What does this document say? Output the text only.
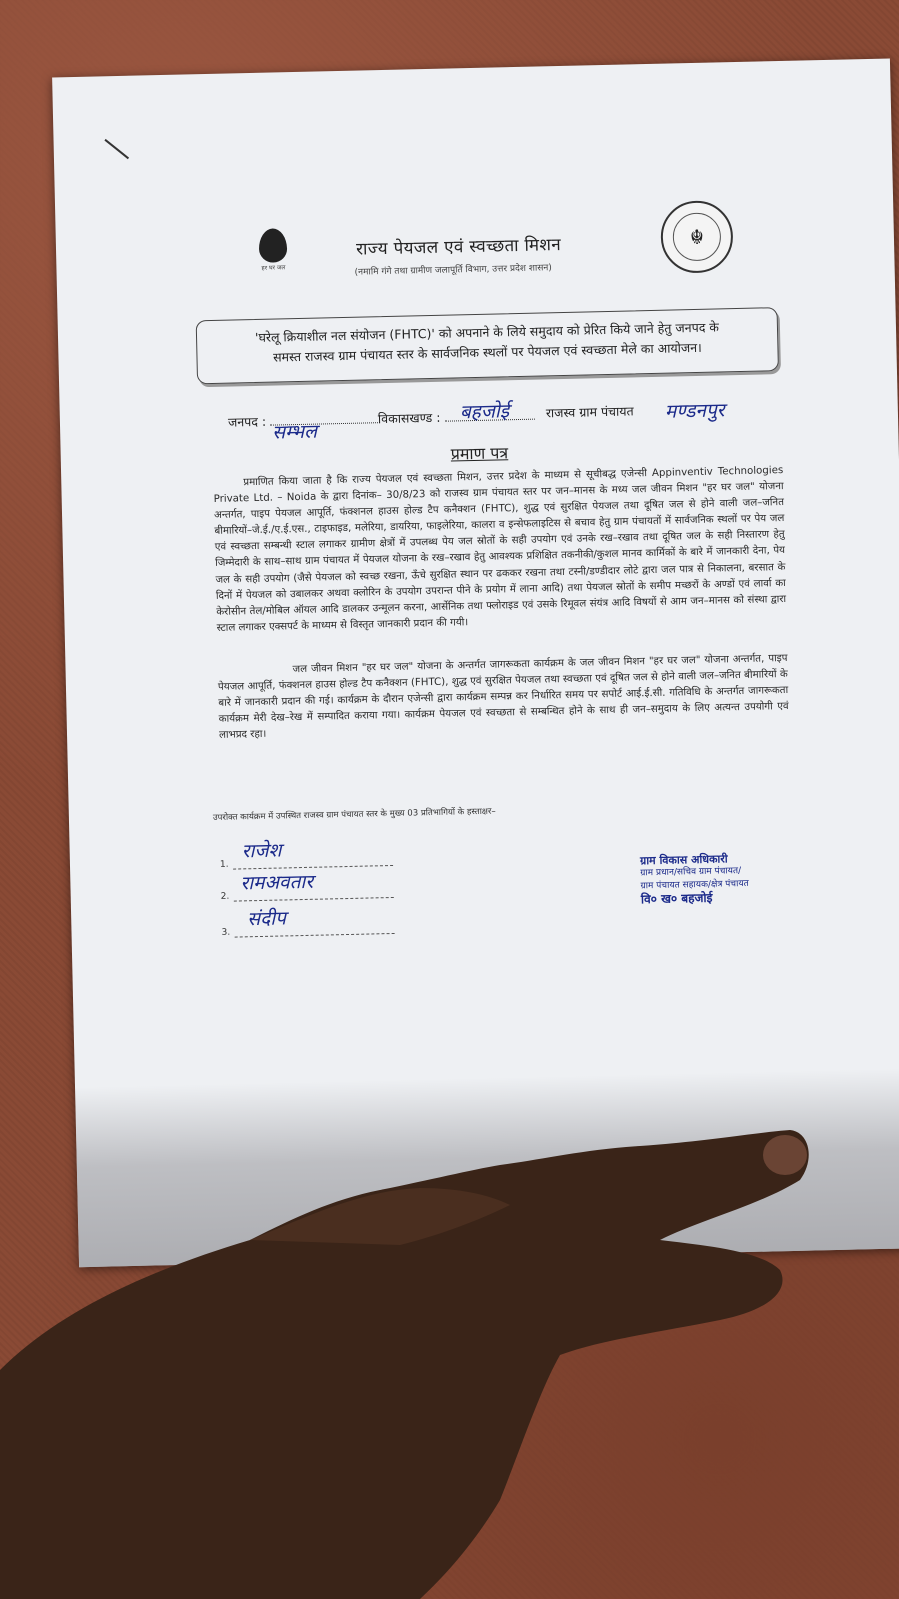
हर घर जल
☬
राज्य पेयजल एवं स्वच्छता मिशन
(नमामि गंगे तथा ग्रामीण जलापूर्ति विभाग, उत्तर प्रदेश शासन)
'घरेलू क्रियाशील नल संयोजन (FHTC)' को अपनाने के लिये समुदाय को प्रेरित किये जाने हेतु जनपद के
समस्त राजस्व ग्राम पंचायत स्तर के सार्वजनिक स्थलों पर पेयजल एवं स्वच्छता मेले का आयोजन।
जनपद : सम्भल
विकासखण्ड : बहजोई	राजस्व ग्राम पंचायत मण्डनपुर
प्रमाण पत्र
प्रमाणित किया जाता है कि राज्य पेयजल एवं स्वच्छता मिशन, उत्तर प्रदेश के माध्यम से सूचीबद्ध एजेन्सी Appinventiv Technologies Private Ltd. – Noida के द्वारा दिनांक– 30/8/23 को राजस्व ग्राम पंचायत स्तर पर जन–मानस के मध्य जल जीवन मिशन "हर घर जल" योजना अन्तर्गत, पाइप पेयजल आपूर्ति, फंक्शनल हाउस होल्ड टैप कनैक्शन (FHTC), शुद्ध एवं सुरक्षित पेयजल तथा दूषित जल से होने वाली जल–जनित बीमारियों–जे.ई./ए.ई.एस., टाइफाइड, मलेरिया, डायरिया, फाइलेरिया, कालरा व इन्सेफलाइटिस से बचाव हेतु ग्राम पंचायतों में सार्वजनिक स्थलों पर पेय जल एवं स्वच्छता सम्बन्धी स्टाल लगाकर ग्रामीण क्षेत्रों में उपलब्ध पेय जल स्रोतों के सही उपयोग एवं उनके रख–रखाव तथा दूषित जल के सही निस्तारण हेतु जिम्मेदारी के साथ–साथ ग्राम पंचायत में पेयजल योजना के रख–रखाव हेतु आवश्यक प्रशिक्षित तकनीकी/कुशल मानव कार्मिकों के बारे में जानकारी देना, पेय जल के सही उपयोग (जैसे पेयजल को स्वच्छ रखना, ऊँचे सुरक्षित स्थान पर ढककर रखना तथा टस्नी/डण्डीदार लोटे द्वारा जल पात्र से निकालना, बरसात के दिनों में पेयजल को उबालकर अथवा क्लोरिन के उपयोग उपरान्त पीने के प्रयोग में लाना आदि) तथा पेयजल स्रोतों के समीप मच्छरों के अण्डों एवं लार्वा का केरोसीन तेल/मोबिल ऑयल आदि डालकर उन्मूलन करना, आर्सेनिक तथा फ्लोराइड एवं उसके रिमूवल संयंत्र आदि विषयों से आम जन–मानस को संस्था द्वारा स्टाल लगाकर एक्सपर्ट के माध्यम से विस्तृत जानकारी प्रदान की गयी।
जल जीवन मिशन "हर घर जल" योजना के अन्तर्गत जागरूकता कार्यक्रम के जल जीवन मिशन "हर घर जल" योजना अन्तर्गत, पाइप पेयजल आपूर्ति, फंक्शनल हाउस होल्ड टैप कनैक्शन (FHTC), शुद्ध एवं सुरक्षित पेयजल तथा स्वच्छता एवं दूषित जल से होने वाली जल–जनित बीमारियों के बारे में जानकारी प्रदान की गई। कार्यक्रम के दौरान एजेन्सी द्वारा कार्यक्रम सम्पन्न कर निर्धारित समय पर सपोर्ट आई.ई.सी. गतिविधि के अन्तर्गत जागरूकता कार्यक्रम मेरी देख–रेख में सम्पादित कराया गया। कार्यक्रम पेयजल एवं स्वच्छता से सम्बन्धित होने के साथ ही जन–समुदाय के लिए अत्यन्त उपयोगी एवं लाभप्रद रहा।
उपरोक्त कार्यक्रम में उपस्थित राजस्व ग्राम पंचायत स्तर के मुख्य 03 प्रतिभागियों के हस्ताक्षर–
1.
राजेश
2.
रामअवतार
3.
संदीप
ग्राम विकास अधिकारी
ग्राम प्रधान/सचिव ग्राम पंचायत/
ग्राम पंचायत सहायक/क्षेत्र पंचायत
वि० ख० बहजोई
